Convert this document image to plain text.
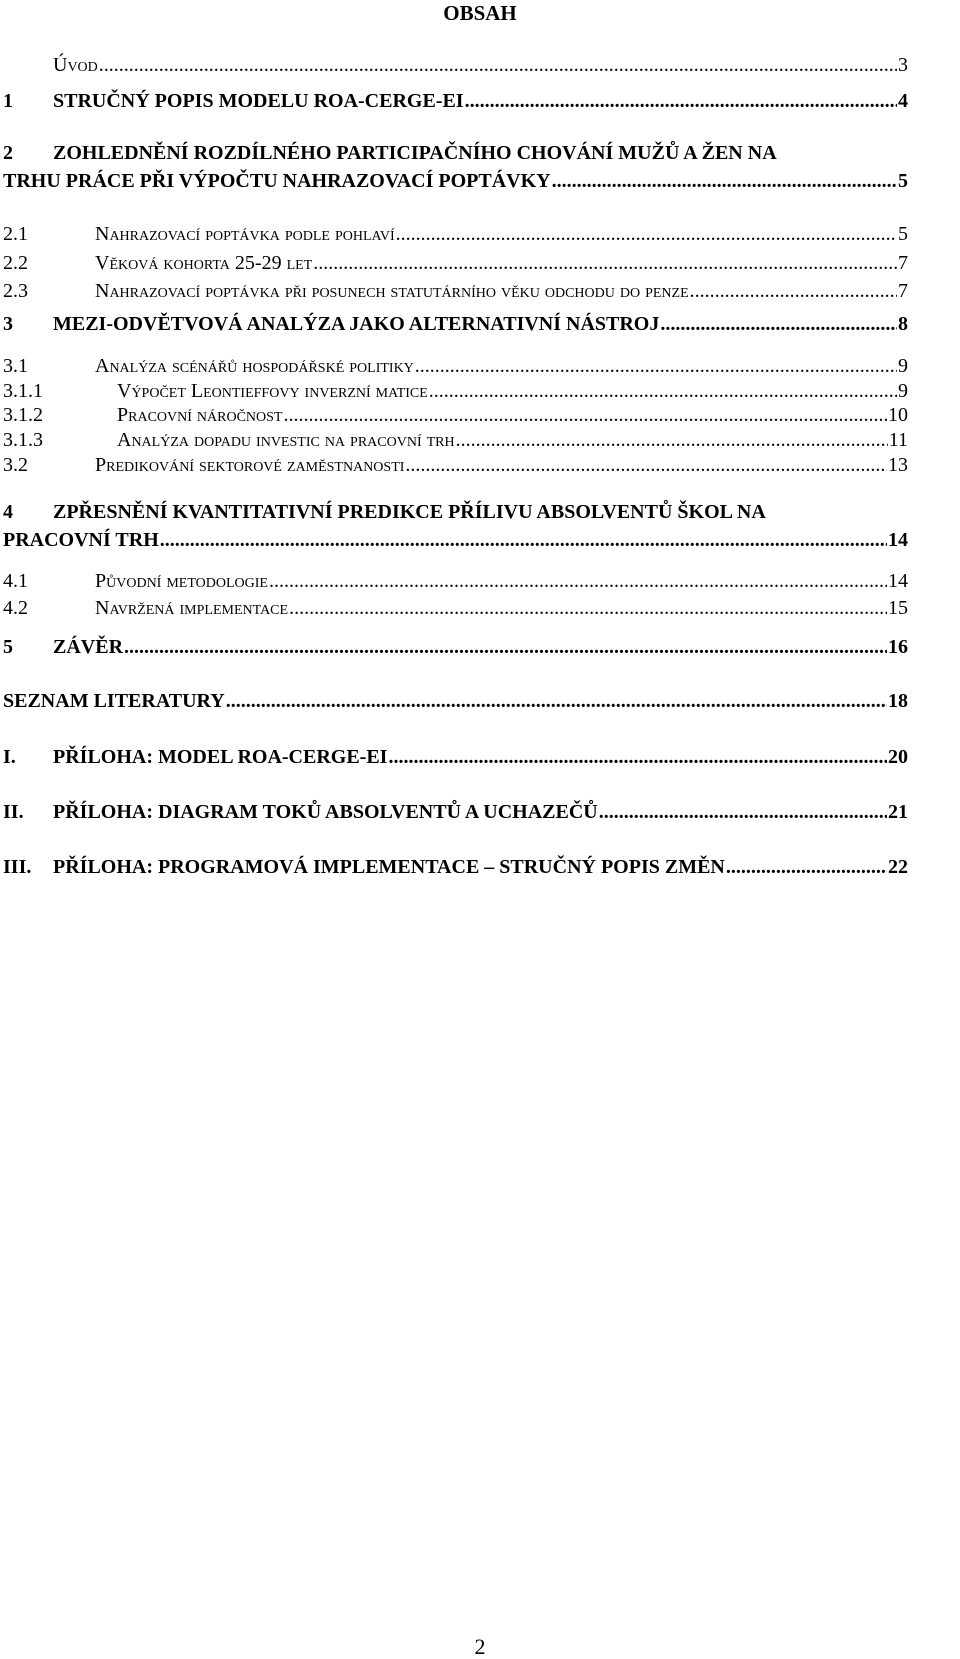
OBSAH
Úvod .....	3
1 STRUČNÝ POPIS MODELU ROA-CERGE-EI .....	4
2 ZOHLEDNĚNÍ ROZDÍLNÉHO PARTICIPAČNÍHO CHOVÁNÍ MUŽŮ A ŽEN NA
TRHU PRÁCE PŘI VÝPOČTU NAHRAZOVACÍ POPTÁVKY .....	5
2.1	Nahrazovací poptávka podle pohlaví .....	5
2.2	Věková kohorta 25-29 let .....	7
2.3	Nahrazovací poptávka při posunech statutárního věku odchodu do penze .....	7
3 MEZI-ODVĚTVOVÁ ANALÝZA JAKO ALTERNATIVNÍ NÁSTROJ .....	8
3.1	Analýza scénářů hospodářské politiky .....	9
3.1.1	Výpočet Leontieffovy inverzní matice .....	9
3.1.2	Pracovní náročnost .....	10
3.1.3	Analýza dopadu investic na pracovní trh .....	11
3.2	Predikování sektorové zaměstnanosti .....	13
4 ZPŘESNĚNÍ KVANTITATIVNÍ PREDIKCE PŘÍLIVU ABSOLVENTŮ ŠKOL NA
PRACOVNÍ TRH .....	14
4.1	Původní metodologie .....	14
4.2	Navržená implementace .....	15
5 ZÁVĚR .....	16
SEZNAM LITERATURY .....	18
I. PŘÍLOHA: MODEL ROA-CERGE-EI .....	20
II. PŘÍLOHA: DIAGRAM TOKŮ ABSOLVENTŮ A UCHAZEČŮ .....	21
III. PŘÍLOHA: PROGRAMOVÁ IMPLEMENTACE – STRUČNÝ POPIS ZMĚN .....	22
2
